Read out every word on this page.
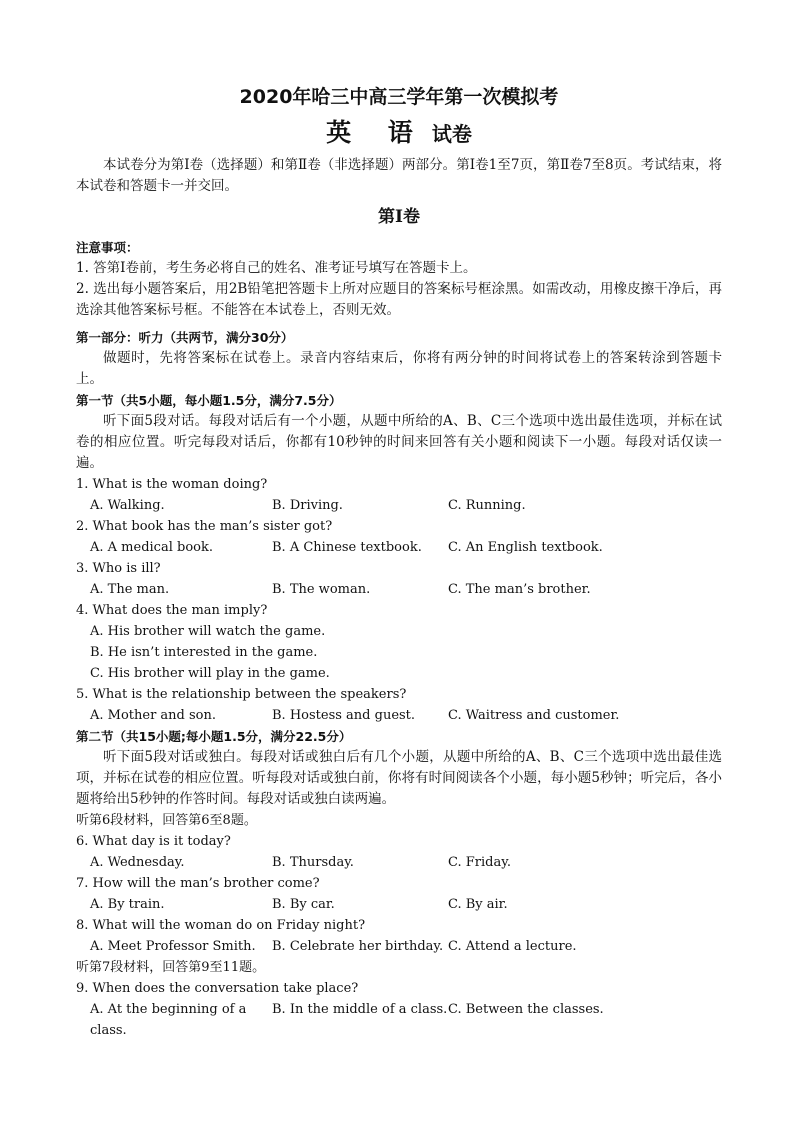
2020年哈三中高三学年第一次模拟考
英 语 试卷

本试卷分为第Ⅰ卷（选择题）和第Ⅱ卷（非选择题）两部分。第Ⅰ卷1至7页，第Ⅱ卷7至8页。考试结束，将本试卷和答题卡一并交回。

第Ⅰ卷

注意事项：

1. 答第Ⅰ卷前，考生务必将自己的姓名、准考证号填写在答题卡上。

2. 选出每小题答案后，用2B铅笔把答题卡上所对应题目的答案标号框涂黑。如需改动，用橡皮擦干净后，再选涂其他答案标号框。不能答在本试卷上，否则无效。

第一部分：听力（共两节，满分30分）

做题时，先将答案标在试卷上。录音内容结束后，你将有两分钟的时间将试卷上的答案转涂到答题卡上。

第一节（共5小题，每小题1.5分，满分7.5分）

听下面5段对话。每段对话后有一个小题，从题中所给的A、B、C三个选项中选出最佳选项，并标在试卷的相应位置。听完每段对话后，你都有10秒钟的时间来回答有关小题和阅读下一小题。每段对话仅读一遍。

1. What is the woman doing?

A. Walking.	B. Driving.	C. Running.

2. What book has the man’s sister got?

A. A medical book.	B. A Chinese textbook.	C. An English textbook.

3. Who is ill?

A. The man.	B. The woman.	C. The man’s brother.

4. What does the man imply?

A. His brother will watch the game.

B. He isn’t interested in the game.

C. His brother will play in the game.

5. What is the relationship between the speakers?

A. Mother and son.	B. Hostess and guest.	C. Waitress and customer.

第二节（共15小题;每小题1.5分，满分22.5分）

听下面5段对话或独白。每段对话或独白后有几个小题，从题中所给的A、B、C三个选项中选出最佳选项，并标在试卷的相应位置。听每段对话或独白前，你将有时间阅读各个小题，每小题5秒钟；听完后，各小题将给出5秒钟的作答时间。每段对话或独白读两遍。

听第6段材料，回答第6至8题。

6. What day is it today?

A. Wednesday.	B. Thursday.	C. Friday.

7. How will the man’s brother come?

A. By train.	B. By car.	C. By air.

8. What will the woman do on Friday night?

A. Meet Professor Smith.	B. Celebrate her birthday. C. Attend a lecture.

听第7段材料，回答第9至11题。

9. When does the conversation take place?

A. At the beginning of a class.
B. In the middle of a class. C. Between the classes.
